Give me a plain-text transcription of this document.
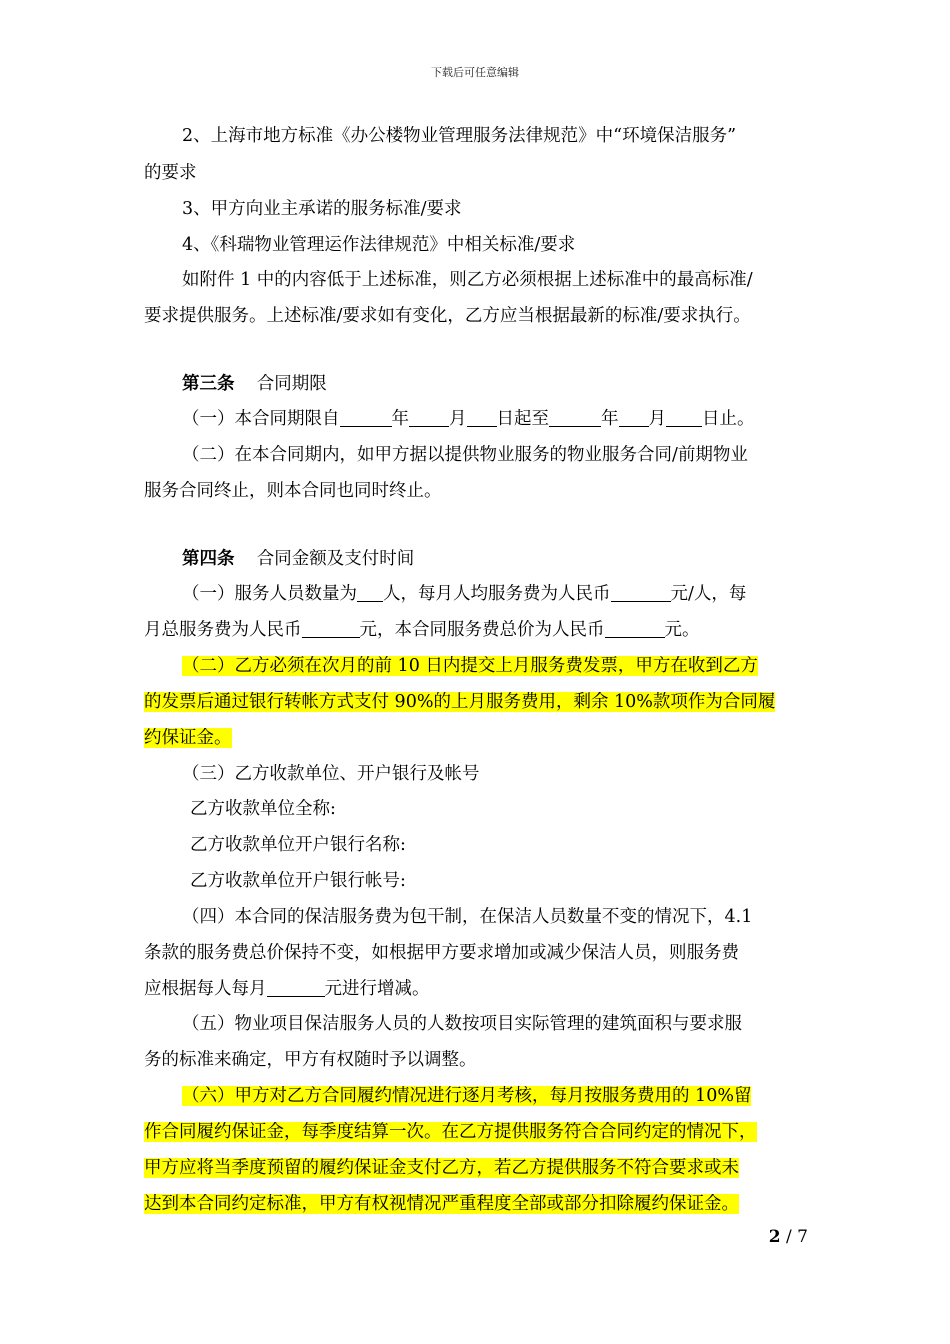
下载后可任意编辑
2、上海市地方标准《办公楼物业管理服务法律规范》中“环境保洁服务”
的要求
3、甲方向业主承诺的服务标准/要求
4、《科瑞物业管理运作法律规范》中相关标准/要求
如附件 1 中的内容低于上述标准，则乙方必须根据上述标准中的最高标准/
要求提供服务。上述标准/要求如有变化，乙方应当根据最新的标准/要求执行。
第三条 合同期限
（一）本合同期限自	年 月 日起至	年 月 日止。
（二）在本合同期内，如甲方据以提供物业服务的物业服务合同/前期物业
服务合同终止，则本合同也同时终止。
第四条 合同金额及支付时间
（一）服务人员数量为 人，每月人均服务费为人民币	元/人，每
月总服务费为人民币	元，本合同服务费总价为人民币	元。
（二）乙方必须在次月的前 10 日内提交上月服务费发票，甲方在收到乙方
的发票后通过银行转帐方式支付 90%的上月服务费用，剩余 10%款项作为合同履
约保证金。
（三）乙方收款单位、开户银行及帐号
乙方收款单位全称:
乙方收款单位开户银行名称:
乙方收款单位开户银行帐号:
（四）本合同的保洁服务费为包干制，在保洁人员数量不变的情况下，4.1
条款的服务费总价保持不变，如根据甲方要求增加或减少保洁人员，则服务费
应根据每人每月	元进行增减。
（五）物业项目保洁服务人员的人数按项目实际管理的建筑面积与要求服
务的标准来确定，甲方有权随时予以调整。
（六）甲方对乙方合同履约情况进行逐月考核，每月按服务费用的 10%留
作合同履约保证金，每季度结算一次。在乙方提供服务符合合同约定的情况下，
甲方应将当季度预留的履约保证金支付乙方，若乙方提供服务不符合要求或未
达到本合同约定标准，甲方有权视情况严重程度全部或部分扣除履约保证金。
2 / 7
